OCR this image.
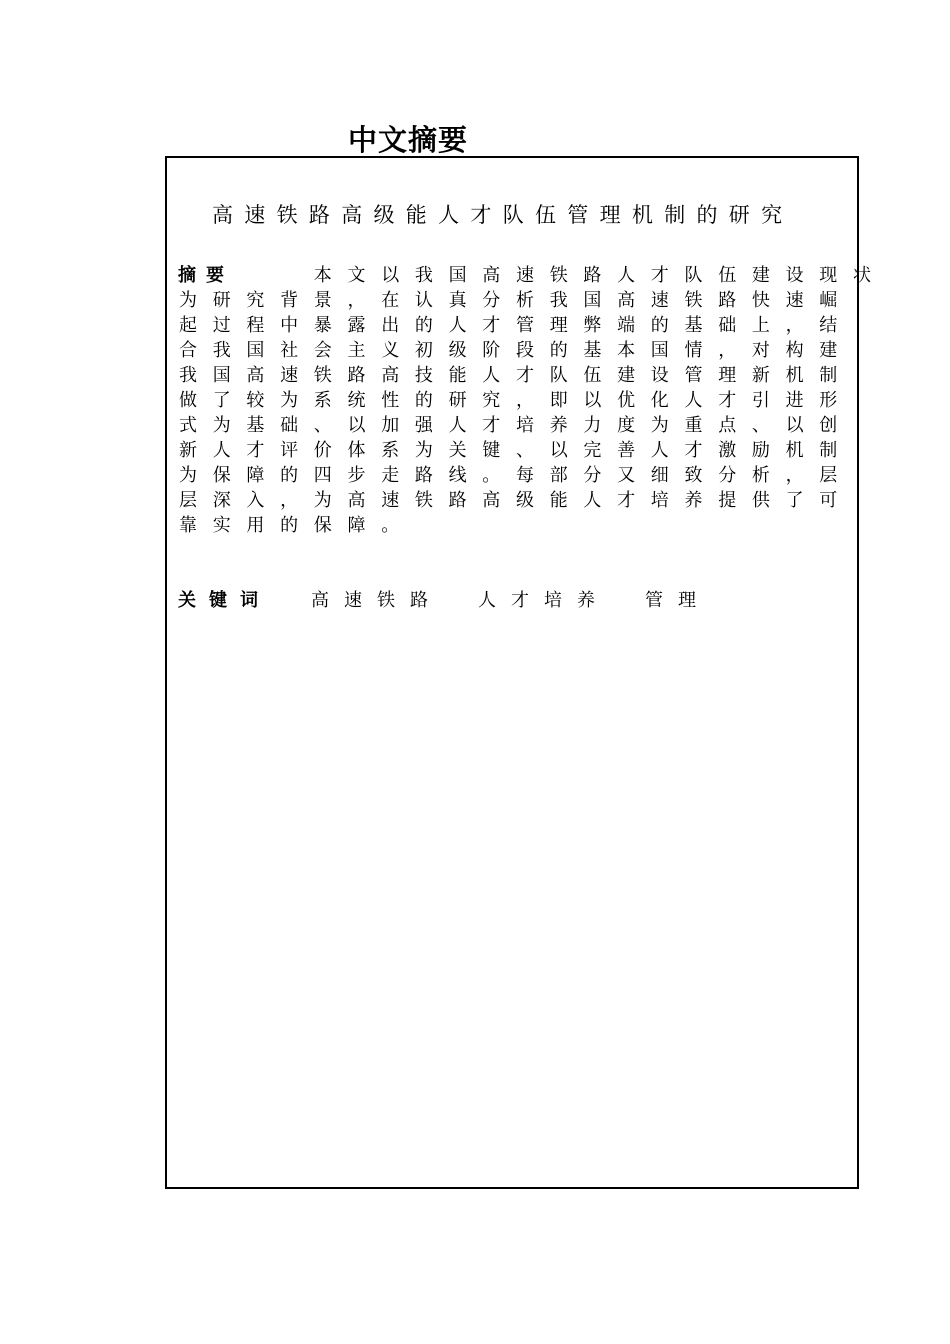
中文摘要
高速铁路高级能人才队伍管理机制的研究
摘要	本 文 以 我 国 高 速 铁 路 人 才 队 伍 建 设 现 状
为 研 究 背 景 ， 在 认 真 分 析 我 国 高 速 铁 路 快 速 崛
起 过 程 中 暴 露 出 的 人 才 管 理 弊 端 的 基 础 上 ， 结
合 我 国 社 会 主 义 初 级 阶 段 的 基 本 国 情 ， 对 构 建
我 国 高 速 铁 路 高 技 能 人 才 队 伍 建 设 管 理 新 机 制
做 了 较 为 系 统 性 的 研 究 ， 即 以 优 化 人 才 引 进 形
式 为 基 础 、 以 加 强 人 才 培 养 力 度 为 重 点 、 以 创
新 人 才 评 价 体 系 为 关 键 、 以 完 善 人 才 激 励 机 制
为 保 障 的 四 步 走 路 线 。 每 部 分 又 细 致 分 析 ， 层
层 深 入 ， 为 高 速 铁 路 高 级 能 人 才 培 养 提 供 了 可
靠 实 用 的 保 障 。
关键词 高速铁路 人才培养 管理
